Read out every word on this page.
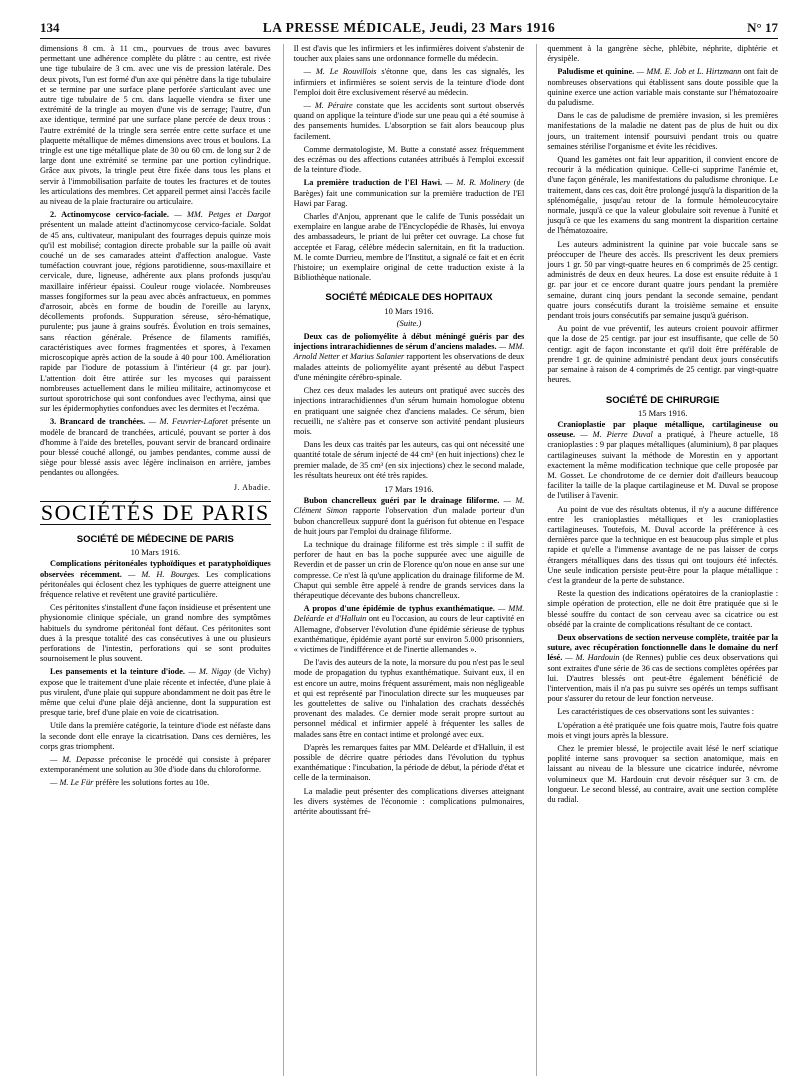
134	LA PRESSE MÉDICALE, Jeudi, 23 Mars 1916	N° 17

dimensions 8 cm. à 11 cm., pourvues de trous avec bavures permettant une adhérence complète du plâtre : au centre, est rivée une tige tubulaire de 3 cm. avec une vis de pression latérale. Des deux pivots, l'un est formé d'un axe qui pénètre dans la tige tubulaire et se termine par une surface plane perforée s'articulant avec une autre tige tubulaire de 5 cm. dans laquelle viendra se fixer une extrémité de la tringle au moyen d'une vis de serrage; l'autre, d'un axe identique, terminé par une surface plane percée de deux trous : l'autre extrémité de la tringle sera serrée entre cette surface et une plaquette métallique de mêmes dimensions avec trous et boulons. La tringle est une tige métallique plate de 30 ou 60 cm. de long sur 2 de large dont une extrémité se termine par une portion cylindrique. Grâce aux pivots, la tringle peut être fixée dans tous les plans et servir à l'immobilisation parfaite de toutes les fractures et de toutes les articulations des membres. Cet appareil permet ainsi l'accès facile au niveau de la plaie fracturaire ou articulaire.

2. Actinomycose cervico-faciale. — MM. Petges et Dargot présentent un malade atteint d'actinomycose cervico-faciale. Soldat de 45 ans, cultivateur, manipulant des fourrages depuis quinze mois qu'il est mobilisé; contagion directe probable sur la paille où avait couché un de ses camarades atteint d'affection analogue. Vaste tuméfaction couvrant joue, régions parotidienne, sous-maxillaire et cervicale, dure, ligneuse, adhérente aux plans profonds jusqu'au maxillaire inférieur épaissi. Couleur rouge violacée. Nombreuses masses fongiformes sur la peau avec abcès anfractueux, en pommes d'arrosoir, abcès en forme de boudin de l'oreille au larynx, décollements profonds. Suppuration séreuse, séro-hématique, purulente; pus jaune à grains soufrés. Évolution en trois semaines, sans réaction générale. Présence de filaments ramifiés, caractéristiques avec formes fragmentées et spores, à l'examen microscopique après action de la soude à 40 pour 100. Amélioration rapide par l'iodure de potassium à l'intérieur (4 gr. par jour). L'attention doit être attirée sur les mycoses qui paraissent nombreuses actuellement dans le milieu militaire, actinomycose et surtout sporotrichose qui sont confondues avec l'ecthyma, ainsi que sur les épidermophyties confondues avec les dermites et l'eczéma.

3. Brancard de tranchées. — M. Feuvrier-Laforet présente un modèle de brancard de tranchées, articulé, pouvant se porter à dos d'homme à l'aide des bretelles, pouvant servir de brancard ordinaire pour blessé couché allongé, ou jambes pendantes, comme aussi de siège pour blessé assis avec légère inclinaison en arrière, jambes pendantes ou allongées.

J. Abadie.
SOCIÉTÉS DE PARIS
SOCIÉTÉ DE MÉDECINE DE PARIS
10 Mars 1916.

Complications péritonéales typhoïdiques et paratyphoïdiques observées récemment. — M. H. Bourges. Les complications péritonéales qui éclosent chez les typhiques de guerre atteignent une fréquence relative et revêtent une gravité particulière.

Ces péritonites s'installent d'une façon insidieuse et présentent une physionomie clinique spéciale, un grand nombre des symptômes habituels du syndrome péritonéal font défaut. Ces péritonites sont dues à la presque totalité des cas consécutives à une ou plusieurs perforations de l'intestin, perforations qui se sont produites sournoisement le plus souvent.

Les pansements et la teinture d'iode. — M. Nigay (de Vichy) expose que le traitement d'une plaie récente et infectée, d'une plaie à pus virulent, d'une plaie qui suppure abondamment ne doit pas être le même que celui d'une plaie déjà ancienne, dont la suppuration est presque tarie, bref d'une plaie en voie de cicatrisation.

Utile dans la première catégorie, la teinture d'iode est néfaste dans la seconde dont elle enraye la cicatrisation. Dans ces dernières, les corps gras triomphent.

— M. Depasse préconise le procédé qui consiste à préparer extemporanément une solution au 30e d'iode dans du chloroforme.

— M. Le Für préfère les solutions fortes au 10e.

Il est d'avis que les infirmiers et les infirmières doivent s'abstenir de toucher aux plaies sans une ordonnance formelle du médecin.

— M. Le Rouvillois s'étonne que, dans les cas signalés, les infirmiers et infirmières se soient servis de la teinture d'iode dont l'emploi doit être exclusivement réservé au médecin.

— M. Péraire constate que les accidents sont surtout observés quand on applique la teinture d'iode sur une peau qui a été soumise à des pansements humides. L'absorption se fait alors beaucoup plus facilement.

Comme dermatologiste, M. Butte a constaté assez fréquemment des eczémas ou des affections cutanées attribués à l'emploi excessif de la teinture d'iode.

La première traduction de l'El Hawi. — M. R. Molinery (de Barèges) fait une communication sur la première traduction de l'El Hawi par Farag.

Charles d'Anjou, apprenant que le calife de Tunis possédait un exemplaire en langue arabe de l'Encyclopédie de Rhasès, lui envoya des ambassadeurs, le priant de lui prêter cet ouvrage. La chose fut acceptée et Farag, célèbre médecin salernitain, en fit la traduction. M. le comte Durrieu, membre de l'Institut, a signalé ce fait et en écrit l'histoire; un exemplaire original de cette traduction existe à la Bibliothèque nationale.

SOCIÉTÉ MÉDICALE DES HOPITAUX
10 Mars 1916.
(Suite.)

Deux cas de poliomyélite à début méningé guéris par des injections intrarachidiennes de sérum d'anciens malades. — MM. Arnold Netter et Marius Salanier rapportent les observations de deux malades atteints de poliomyélite ayant présenté au début l'aspect d'une méningite cérébro-spinale.

Chez ces deux malades les auteurs ont pratiqué avec succès des injections intrarachidiennes d'un sérum humain homologue obtenu en pratiquant une saignée chez d'anciens malades. Ce sérum, bien recueilli, ne s'altère pas et conserve son activité pendant plusieurs mois.

Dans les deux cas traités par les auteurs, cas qui ont nécessité une quantité totale de sérum injecté de 44 cm³ (en huit injections) chez le premier malade, de 35 cm³ (en six injections) chez le second malade, les résultats heureux ont été très rapides.

17 Mars 1916.

Bubon chancrelleux guéri par le drainage filiforme. — M. Clément Simon rapporte l'observation d'un malade porteur d'un bubon chancrelleux suppuré dont la guérison fut obtenue en l'espace de huit jours par l'emploi du drainage filiforme.

La technique du drainage filiforme est très simple : il suffit de perforer de haut en bas la poche suppurée avec une aiguille de Reverdin et de passer un crin de Florence qu'on noue en anse sur une compresse. Ce n'est là qu'une application du drainage filiforme de M. Chaput qui semble être appelé à rendre de grands services dans la thérapeutique décevante des bubons chancrelleux.

A propos d'une épidémie de typhus exanthématique. — MM. Deléarde et d'Halluin ont eu l'occasion, au cours de leur captivité en Allemagne, d'observer l'évolution d'une épidémie sérieuse de typhus exanthématique, épidémie ayant porté sur environ 5.000 prisonniers, « victimes de l'indifférence et de l'inertie allemandes ».

De l'avis des auteurs de la note, la morsure du pou n'est pas le seul mode de propagation du typhus exanthématique. Suivant eux, il en est encore un autre, moins fréquent assurément, mais non négligeable et qui est représenté par l'inoculation directe sur les muqueuses par les gouttelettes de salive ou l'inhalation des crachats desséchés provenant des malades. Ce dernier mode serait propre surtout au personnel médical et infirmier appelé à fréquenter les salles de malades sans être en contact intime et prolongé avec eux.

D'après les remarques faites par MM. Deléarde et d'Halluin, il est possible de décrire quatre périodes dans l'évolution du typhus exanthématique : l'incubation, la période de début, la période d'état et celle de la terminaison.

La maladie peut présenter des complications diverses atteignant les divers systèmes de l'économie : complications pulmonaires, artérite aboutissant fré-

quemment à la gangrène sèche, phlébite, néphrite, diphtérie et érysipèle.

Paludisme et quinine. — MM. E. Job et L. Hirtzmann ont fait de nombreuses observations qui établissent sans doute possible que la quinine exerce une action variable mais constante sur l'hématozoaire du paludisme.

Dans le cas de paludisme de première invasion, si les premières manifestations de la maladie ne datent pas de plus de huit ou dix jours, un traitement intensif poursuivi pendant trois ou quatre semaines stérilise l'organisme et évite les récidives.

Quand les gamètes ont fait leur apparition, il convient encore de recourir à la médication quinique. Celle-ci supprime l'anémie et, d'une façon générale, les manifestations du paludisme chronique. Le traitement, dans ces cas, doit être prolongé jusqu'à la disparition de la splénomégalie, jusqu'au retour de la formule hémoleucocytaire normale, jusqu'à ce que la valeur globulaire soit revenue à l'unité et jusqu'à ce que les examens du sang montrent la disparition certaine de l'hématozoaire.

Les auteurs administrent la quinine par voie buccale sans se préoccuper de l'heure des accès. Ils prescrivent les deux premiers jours 1 gr. 50 par vingt-quatre heures en 6 comprimés de 25 centigr. administrés de deux en deux heures. La dose est ensuite réduite à 1 gr. par jour et ce encore durant quatre jours pendant la première semaine, durant cinq jours pendant la seconde semaine, pendant quatre jours consécutifs durant la troisième semaine et ensuite pendant trois jours consécutifs par semaine jusqu'à guérison.

Au point de vue préventif, les auteurs croient pouvoir affirmer que la dose de 25 centigr. par jour est insuffisante, que celle de 50 centigr. agit de façon inconstante et qu'il doit être préférable de prendre 1 gr. de quinine administré pendant deux jours consécutifs par semaine à raison de 4 comprimés de 25 centigr. par vingt-quatre heures.

SOCIÉTÉ DE CHIRURGIE
15 Mars 1916.

Cranioplastie par plaque métallique, cartilagineuse ou osseuse. — M. Pierre Duval a pratiqué, à l'heure actuelle, 18 cranioplasties : 9 par plaques métalliques (aluminium), 8 par plaques cartilagineuses suivant la méthode de Morestin en y apportant exactement la même modification technique que celle proposée par M. Gosset. Le chondrotome de ce dernier doit d'ailleurs beaucoup faciliter la taille de la plaque cartilagineuse et M. Duval se propose de l'utiliser à l'avenir.

Au point de vue des résultats obtenus, il n'y a aucune différence entre les cranioplasties métalliques et les cranioplasties cartilagineuses. Toutefois, M. Duval accorde la préférence à ces dernières parce que la technique en est beaucoup plus simple et plus rapide et qu'elle a l'immense avantage de ne pas laisser de corps étrangers métalliques dans des tissus qui ont toujours été infectés. Une seule indication persiste peut-être pour la plaque métallique : c'est la grandeur de la perte de substance.

Reste la question des indications opératoires de la cranioplastie : simple opération de protection, elle ne doit être pratiquée que si le blessé souffre du contact de son cerveau avec sa cicatrice ou est obsédé par la crainte de complications résultant de ce contact.

Deux observations de section nerveuse complète, traitée par la suture, avec récupération fonctionnelle dans le domaine du nerf lésé. — M. Hardouin (de Rennes) publie ces deux observations qui sont extraites d'une série de 36 cas de sections complètes opérées par lui. D'autres blessés ont peut-être également bénéficié de l'intervention, mais il n'a pas pu suivre ses opérés un temps suffisant pour s'assurer du retour de leur fonction nerveuse.

Les caractéristiques de ces observations sont les suivantes :

L'opération a été pratiquée une fois quatre mois, l'autre fois quatre mois et vingt jours après la blessure.

Chez le premier blessé, le projectile avait lésé le nerf sciatique poplité interne sans provoquer sa section anatomique, mais en laissant au niveau de la blessure une cicatrice indurée, névrome volumineux que M. Hardouin crut devoir réséquer sur 3 cm. de longueur. Le second blessé, au contraire, avait une section complète du radial.
